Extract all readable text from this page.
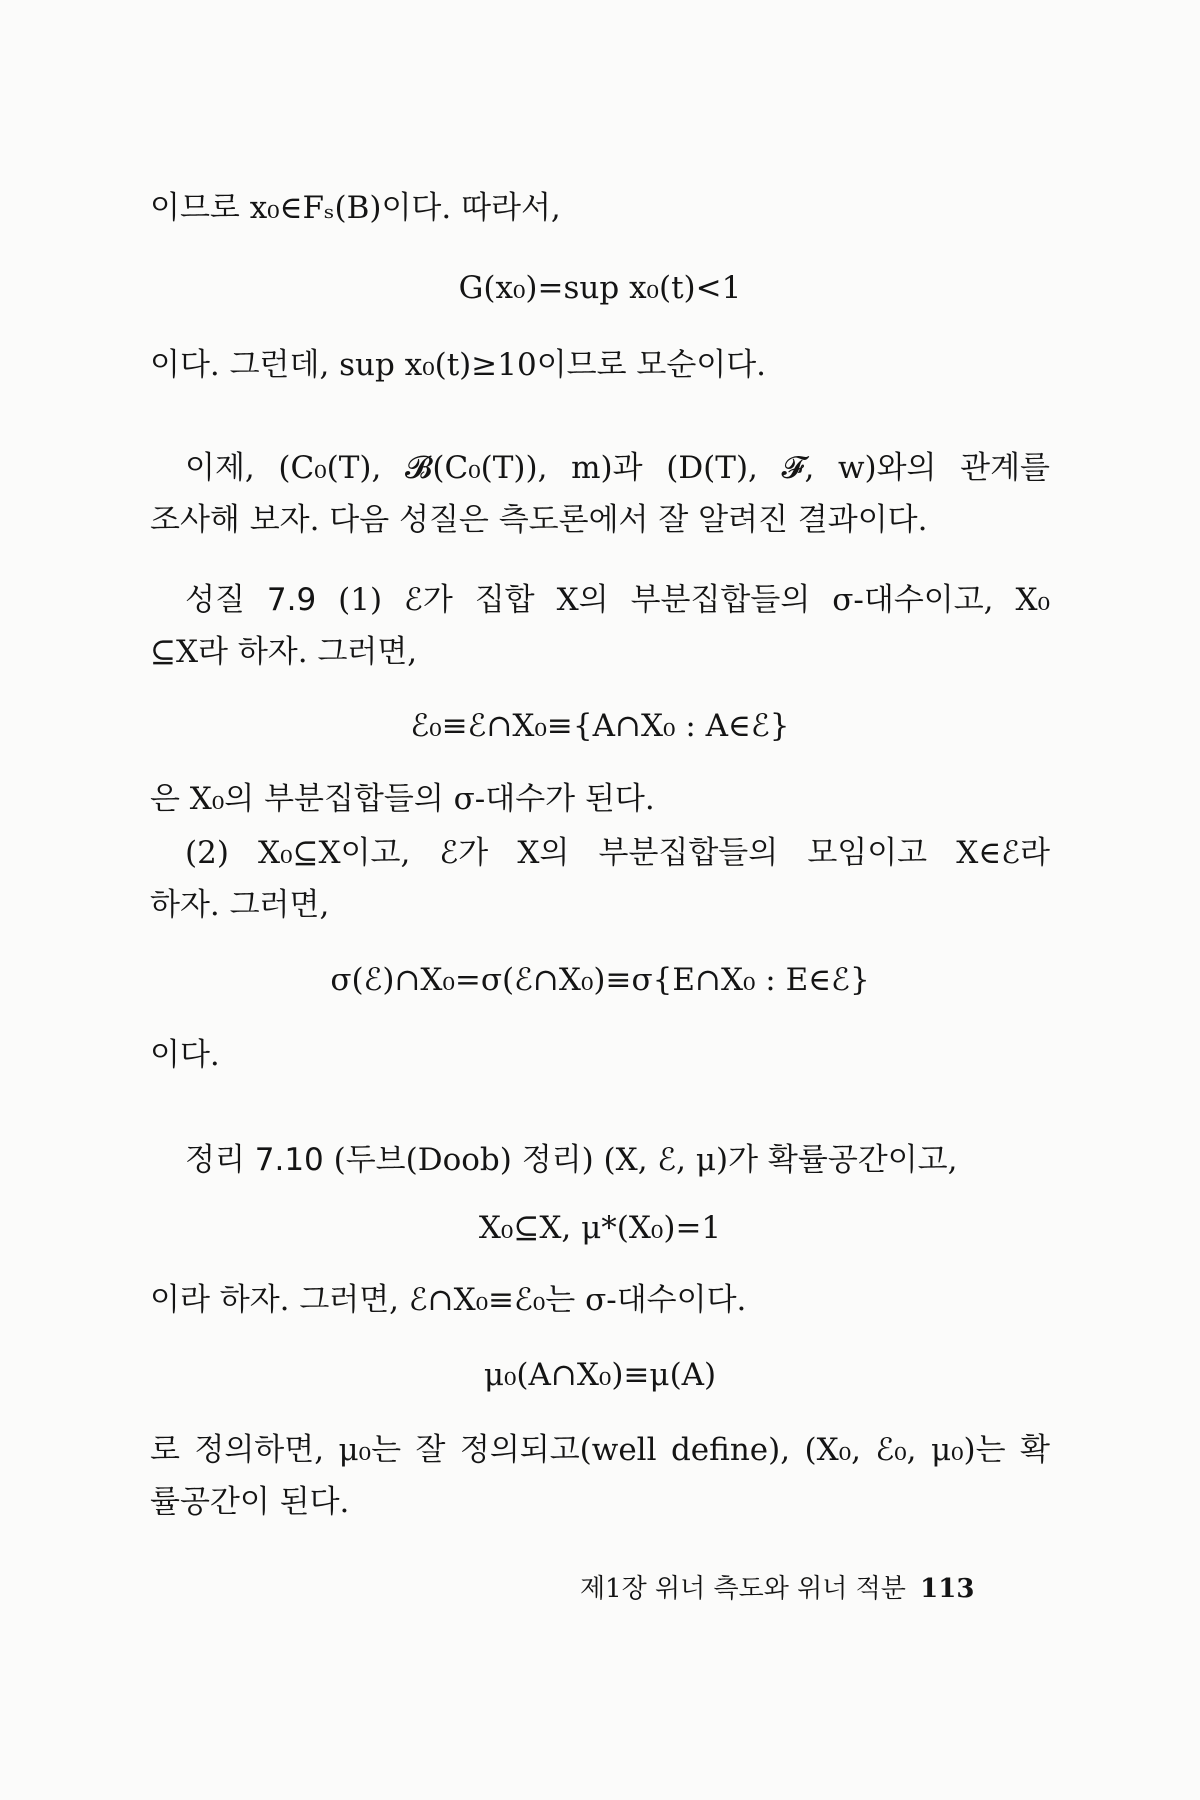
이므로 x₀∈Fₛ(B)이다. 따라서,
G(x₀)=sup x₀(t)<1
이다. 그런데, sup x₀(t)≥10이므로 모순이다.
이제, (C₀(T), 𝓑(C₀(T)), m)과 (D(T), 𝓕, w)와의 관계를
조사해 보자. 다음 성질은 측도론에서 잘 알려진 결과이다.
성질 7.9 (1) ℰ가 집합 X의 부분집합들의 σ-대수이고, X₀
⊆X라 하자. 그러면,
ℰ₀≡ℰ∩X₀≡{A∩X₀ : A∈ℰ}
은 X₀의 부분집합들의 σ-대수가 된다.
(2) X₀⊆X이고, ℰ가 X의 부분집합들의 모임이고 X∈ℰ라
하자. 그러면,
σ(ℰ)∩X₀=σ(ℰ∩X₀)≡σ{E∩X₀ : E∈ℰ}
이다.
정리 7.10 (두브(Doob) 정리) (X, ℰ, μ)가 확률공간이고,
X₀⊆X, μ*(X₀)=1
이라 하자. 그러면, ℰ∩X₀≡ℰ₀는 σ-대수이다.
μ₀(A∩X₀)≡μ(A)
로 정의하면, μ₀는 잘 정의되고(well define), (X₀, ℰ₀, μ₀)는 확
률공간이 된다.
제1장 위너 측도와 위너 적분 113
